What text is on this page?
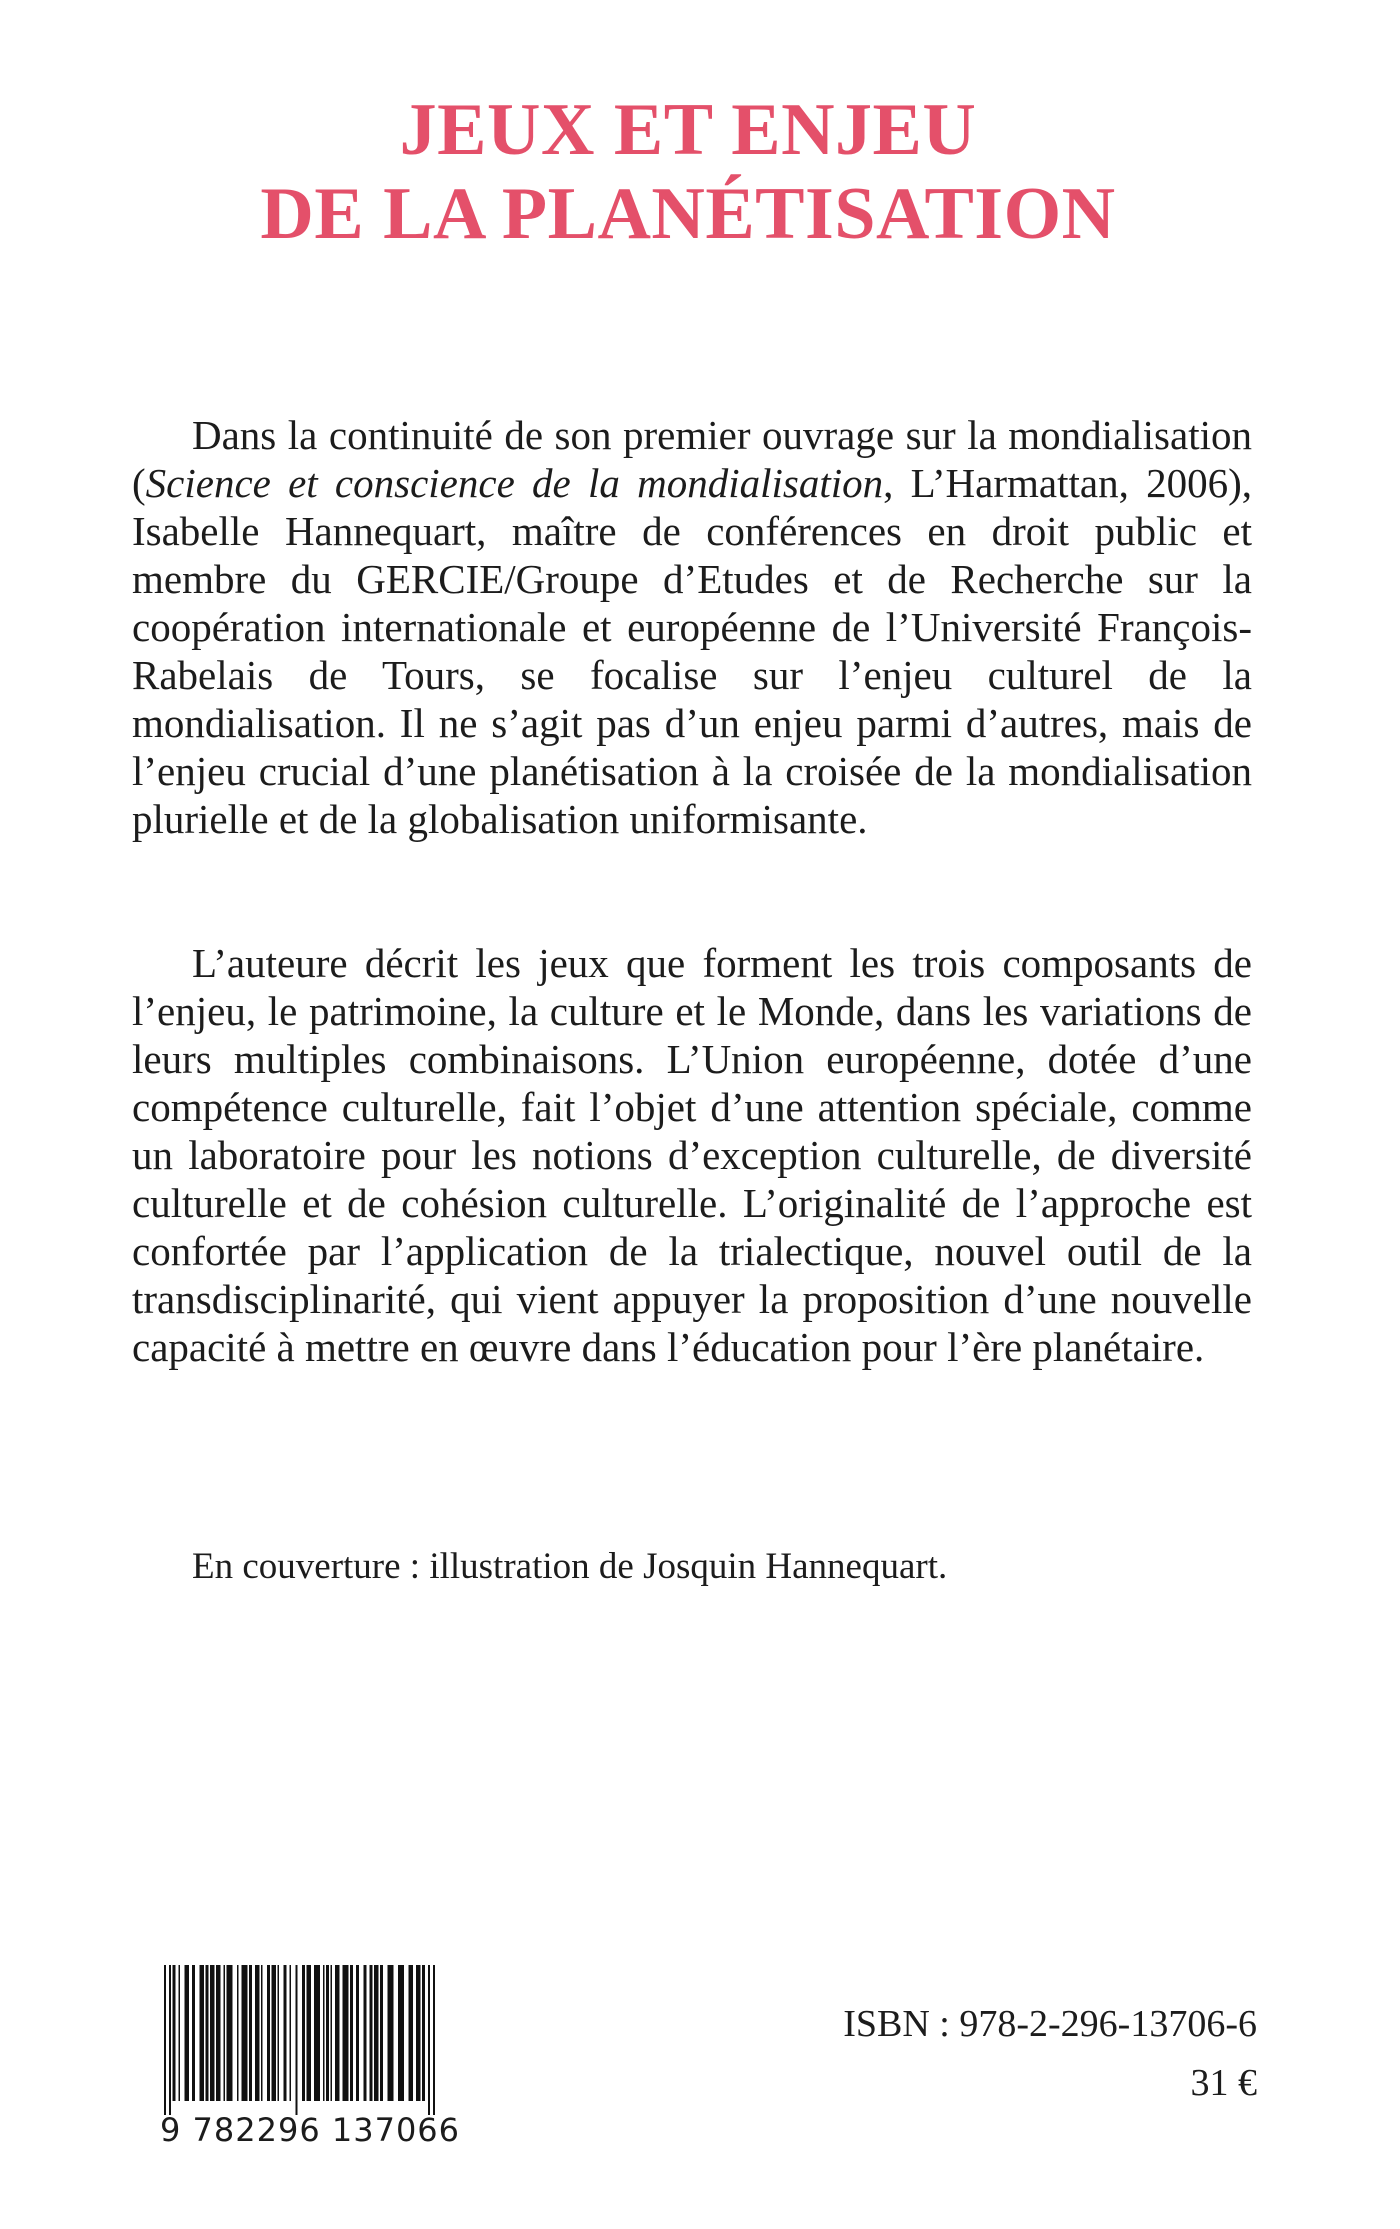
JEUX ET ENJEU
DE LA PLANÉTISATION

Dans la continuité de son premier ouvrage sur la mondialisation (Science et conscience de la mondialisation, L’Harmattan, 2006), Isabelle Hannequart, maître de conférences en droit public et membre du GERCIE/Groupe d’Etudes et de Recherche sur la coopération internationale et européenne de l’Université François-Rabelais de Tours, se focalise sur l’enjeu culturel de la mondialisation. Il ne s’agit pas d’un enjeu parmi d’autres, mais de l’enjeu crucial d’une planétisation à la croisée de la mondialisation plurielle et de la globalisation uniformisante.

L’auteure décrit les jeux que forment les trois composants de l’enjeu, le patrimoine, la culture et le Monde, dans les variations de leurs multiples combinaisons. L’Union européenne, dotée d’une compétence culturelle, fait l’objet d’une attention spéciale, comme un laboratoire pour les notions d’exception culturelle, de diversité culturelle et de cohésion culturelle. L’originalité de l’approche est confortée par l’application de la trialectique, nouvel outil de la transdisciplinarité, qui vient appuyer la proposition d’une nouvelle capacité à mettre en œuvre dans l’éducation pour l’ère planétaire.

En couverture : illustration de Josquin Hannequart.
9 782296 137066
ISBN : 978-2-296-13706-6
31 €
